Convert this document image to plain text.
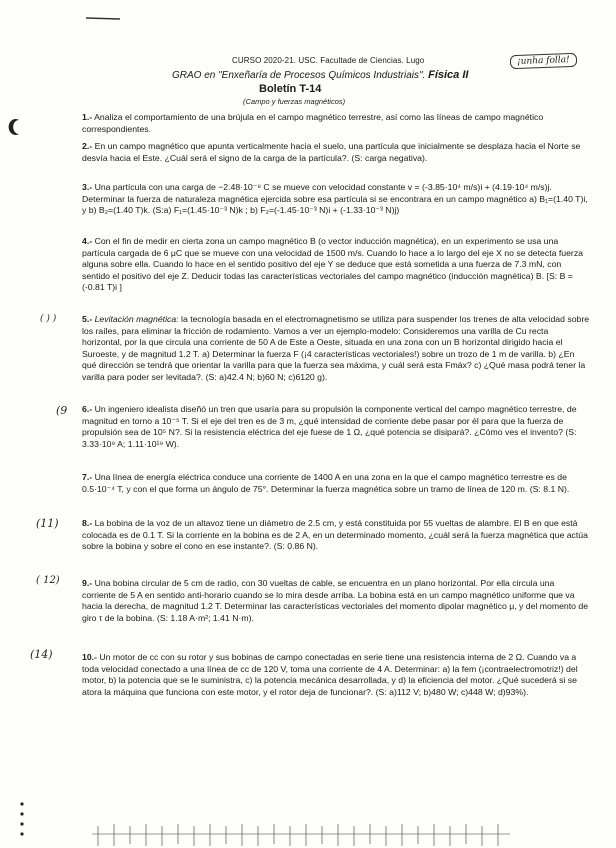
CURSO 2020-21. USC. Facultade de Ciencias. Lugo
GRAO en "Enxeñaría de Procesos Químicos Industriais". Física II
¡unha folla!
Boletín T-14
(Campo y fuerzas magnéticos)
( ) )
(9
(11)
( 12)
(14)
1.- Analiza el comportamiento de una brújula en el campo magnético terrestre, así como las líneas de campo magnético correspondientes.
2.- En un campo magnético que apunta verticalmente hacia el suelo, una partícula que inicialmente se desplaza hacia el Norte se desvía hacia el Este. ¿Cuál será el signo de la carga de la partícula?. (S: carga negativa).
3.- Una partícula con una carga de −2.48·10⁻⁸ C se mueve con velocidad constante v = (-3.85·10⁴ m/s)i + (4.19·10⁴ m/s)j. Determinar la fuerza de naturaleza magnética ejercida sobre esa partícula si se encontrara en un campo magnético a) B₁=(1.40 T)i, y b) B₂=(1.40 T)k. (S:a) F₁=(1.45·10⁻³ N)k ; b) F₂=(-1.45·10⁻³ N)i + (-1.33·10⁻³ N)j)
4.- Con el fin de medir en cierta zona un campo magnético B (o vector inducción magnética), en un experimento se usa una partícula cargada de 6 μC que se mueve con una velocidad de 1500 m/s. Cuando lo hace a lo largo del eje X no se detecta fuerza alguna sobre ella. Cuando lo hace en el sentido positivo del eje Y se deduce que está sometida a una fuerza de 7.3 mN, con sentido el positivo del eje Z. Deducir todas las características vectoriales del campo magnético (inducción magnética) B. [S: B =(-0.81 T)i ]
5.- Levitación magnética: la tecnología basada en el electromagnetismo se utiliza para suspender los trenes de alta velocidad sobre los raíles, para eliminar la fricción de rodamiento. Vamos a ver un ejemplo-modelo: Consideremos una varilla de Cu recta horizontal, por la que circula una corriente de 50 A de Este a Oeste, situada en una zona con un B horizontal dirigido hacia el Suroeste, y de magnitud 1.2 T. a) Determinar la fuerza F (¡4 características vectoriales!) sobre un trozo de 1 m de varilla. b) ¿En qué dirección se tendrá que orientar la varilla para que la fuerza sea máxima, y cuál será esta Fmáx? c) ¿Qué masa podrá tener la varilla para poder ser levitada?. (S: a)42.4 N; b)60 N; c)6120 g).
6.- Un ingeniero idealista diseñó un tren que usaría para su propulsión la componente vertical del campo magnético terrestre, de magnitud en torno a 10⁻⁵ T. Si el eje del tren es de 3 m, ¿qué intensidad de corriente debe pasar por él para que la fuerza de propulsión sea de 10⁵ N?. Si la resistencia eléctrica del eje fuese de 1 Ω, ¿qué potencia se disipará?. ¿Cómo ves el invento? (S: 3.33·10⁹ A; 1.11·10¹⁹ W).
7.- Una línea de energía eléctrica conduce una corriente de 1400 A en una zona en la que el campo magnético terrestre es de 0.5·10⁻⁴ T, y con el que forma un ángulo de 75°. Determinar la fuerza magnética sobre un tramo de línea de 120 m. (S: 8.1 N).
8.- La bobina de la voz de un altavoz tiene un diámetro de 2.5 cm, y está constituida por 55 vueltas de alambre. El B en que está colocada es de 0.1 T. Si la corriente en la bobina es de 2 A, en un determinado momento, ¿cuál será la fuerza magnética que actúa sobre la bobina y sobre el cono en ese instante?. (S: 0.86 N).
9.- Una bobina circular de 5 cm de radio, con 30 vueltas de cable, se encuentra en un plano horizontal. Por ella circula una corriente de 5 A en sentido anti-horario cuando se lo mira desde arriba. La bobina está en un campo magnético uniforme que va hacia la derecha, de magnitud 1.2 T. Determinar las características vectoriales del momento dipolar magnético μ, y del momento de giro τ de la bobina. (S: 1.18 A·m²; 1.41 N·m).
10.- Un motor de cc con su rotor y sus bobinas de campo conectadas en serie tiene una resistencia interna de 2 Ω. Cuando va a toda velocidad conectado a una línea de cc de 120 V, toma una corriente de 4 A. Determinar: a) la fem (¡contraelectromotriz!) del motor, b) la potencia que se le suministra, c) la potencia mecánica desarrollada, y d) la eficiencia del motor. ¿Qué sucederá si se atora la máquina que funciona con este motor, y el rotor deja de funcionar?. (S: a)112 V; b)480 W; c)448 W; d)93%).
